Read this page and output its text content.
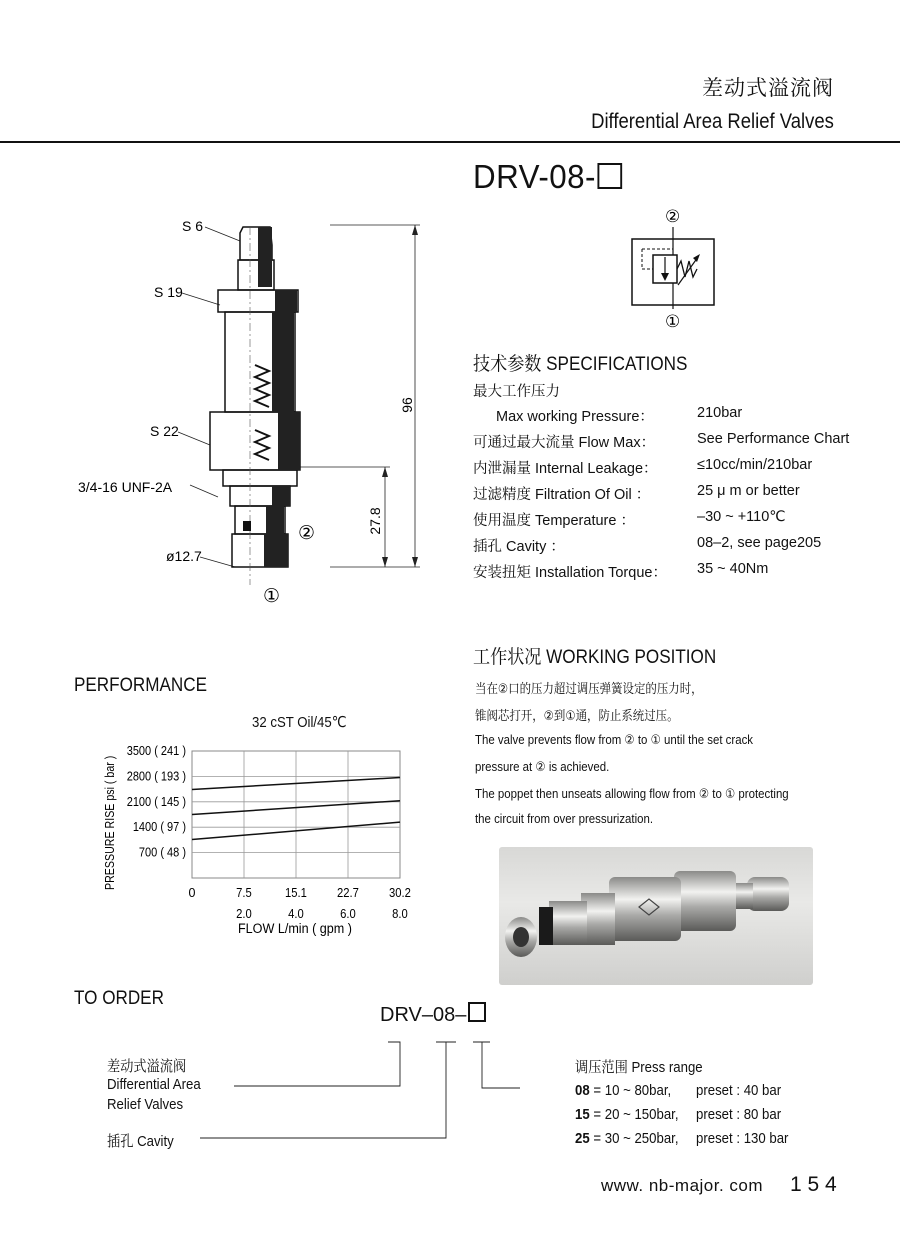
差动式溢流阀
Differential Area Relief Valves
DRV-08-
96
27.8
S 6
S 19
S 22
3/4-16 UNF-2A
ø12.7
②
①
②
①
技术参数 SPECIFICATIONS
最大工作压力
Max working Pressure：	210bar
可通过最大流量 Flow Max：	See Performance Chart
内泄漏量 Internal Leakage：	≤10cc/min/210bar
过滤精度 Filtration Of Oil ：	25 μ m or better
使用温度 Temperature ：	–30 ~ +110℃
插孔 Cavity ：	08–2, see page205
安装扭矩 Installation Torque： 35 ~ 40Nm
工作状况 WORKING POSITION
当在②口的压力超过调压弹簧设定的压力时，
锥阀芯打开，②到①通，防止系统过压。
The valve prevents flow from ② to ① until the set crack
pressure at ② is achieved.
The poppet then unseats allowing flow from ② to ① protecting
the circuit from over pressurization.
PERFORMANCE
32 cST Oil/45℃
PRESSURE RISE psi ( bar )
FLOW L/min ( gpm )
7.5
2.0
15.1
4.0
22.7
6.0
30.2
8.0
700 ( 48 )
1400 ( 97 )
2100 ( 145 )
2800 ( 193 )
3500 ( 241 )
0
TO ORDER
DRV–08–
差动式溢流阀
Differential Area
Relief Valves
插孔 Cavity
调压范围 Press range
08 = 10 ~ 80bar, preset : 40 bar
15 = 20 ~ 150bar, preset : 80 bar
25 = 30 ~ 250bar, preset : 130 bar
www. nb-major. com 1 5 4
